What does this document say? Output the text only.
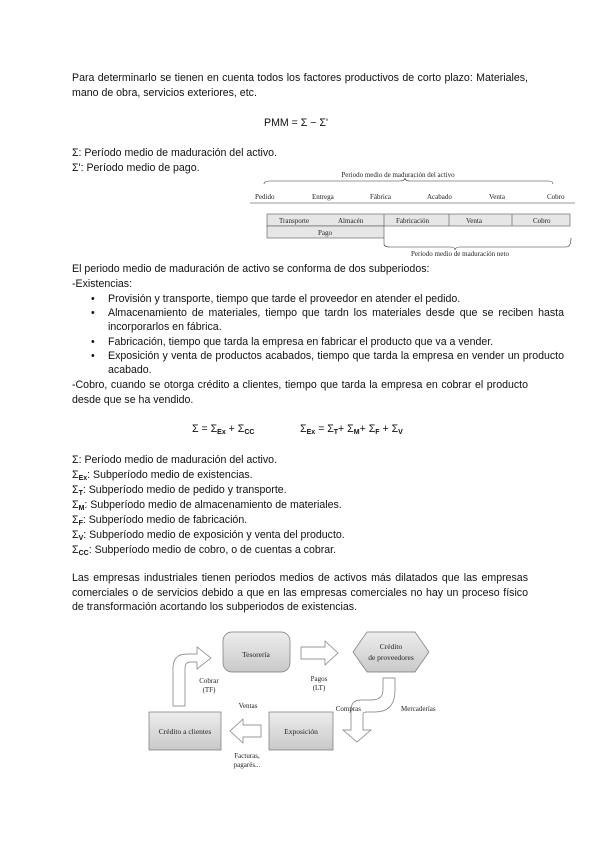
Para determinarlo se tienen en cuenta todos los factores productivos de corto plazo: Materiales, mano de obra, servicios exteriores, etc.

PMM = Σ − Σ'
Σ: Período medio de maduración del activo.
Σ': Período medio de pago.
Periodo medio de maduración del activo
Pedido	Entrega	Fábrica	Acabado	Venta	Cobro
Transporte	Almacén	Fabricación	Venta	Cobro
Pago
Periodo medio de maduración neto
El periodo medio de maduración de activo se conforma de dos subperiodos:
-Existencias:
• Provisión y transporte, tiempo que tarde el proveedor en atender el pedido.
• Almacenamiento de materiales, tiempo que tardn los materiales desde que se reciben hasta incorporarlos en fábrica.
• Fabricación, tiempo que tarda la empresa en fabricar el producto que va a vender.
• Exposición y venta de productos acabados, tiempo que tarda la empresa en vender un producto acabado.

-Cobro, cuando se otorga crédito a clientes, tiempo que tarda la empresa en cobrar el producto desde que se ha vendido.

$\Sigma = \Sigma_{Ex} + \Sigma_{CC}$	$\Sigma_{Ex} = \Sigma_T+ \Sigma_M+ \Sigma_F + \Sigma_V$
Σ: Período medio de maduración del activo.
$\Sigma_{Ex}$: Subperíodo medio de existencias.
$\Sigma_T$: Subperíodo medio de pedido y transporte.
$\Sigma_M$: Subperíodo medio de almacenamiento de materiales.
$\Sigma_F$: Subperíodo medio de fabricación.
$\Sigma_V$: Subperíodo medio de exposición y venta del producto.
$\Sigma_{CC}$: Subperíodo medio de cobro, o de cuentas a cobrar.

Las empresas industriales tienen periodos medios de activos más dilatados que las empresas comerciales o de servicios debido a que en las empresas comerciales no hay un proceso físico de transformación acortando los subperiodos de existencias.

Tesorería
Crédito
de proveedores
Crédito a clientes	Exposición
Pagos
(LT)
Compras	Mercaderías
Ventas
Facturas,
pagarés...
Cobrar
(TF)
